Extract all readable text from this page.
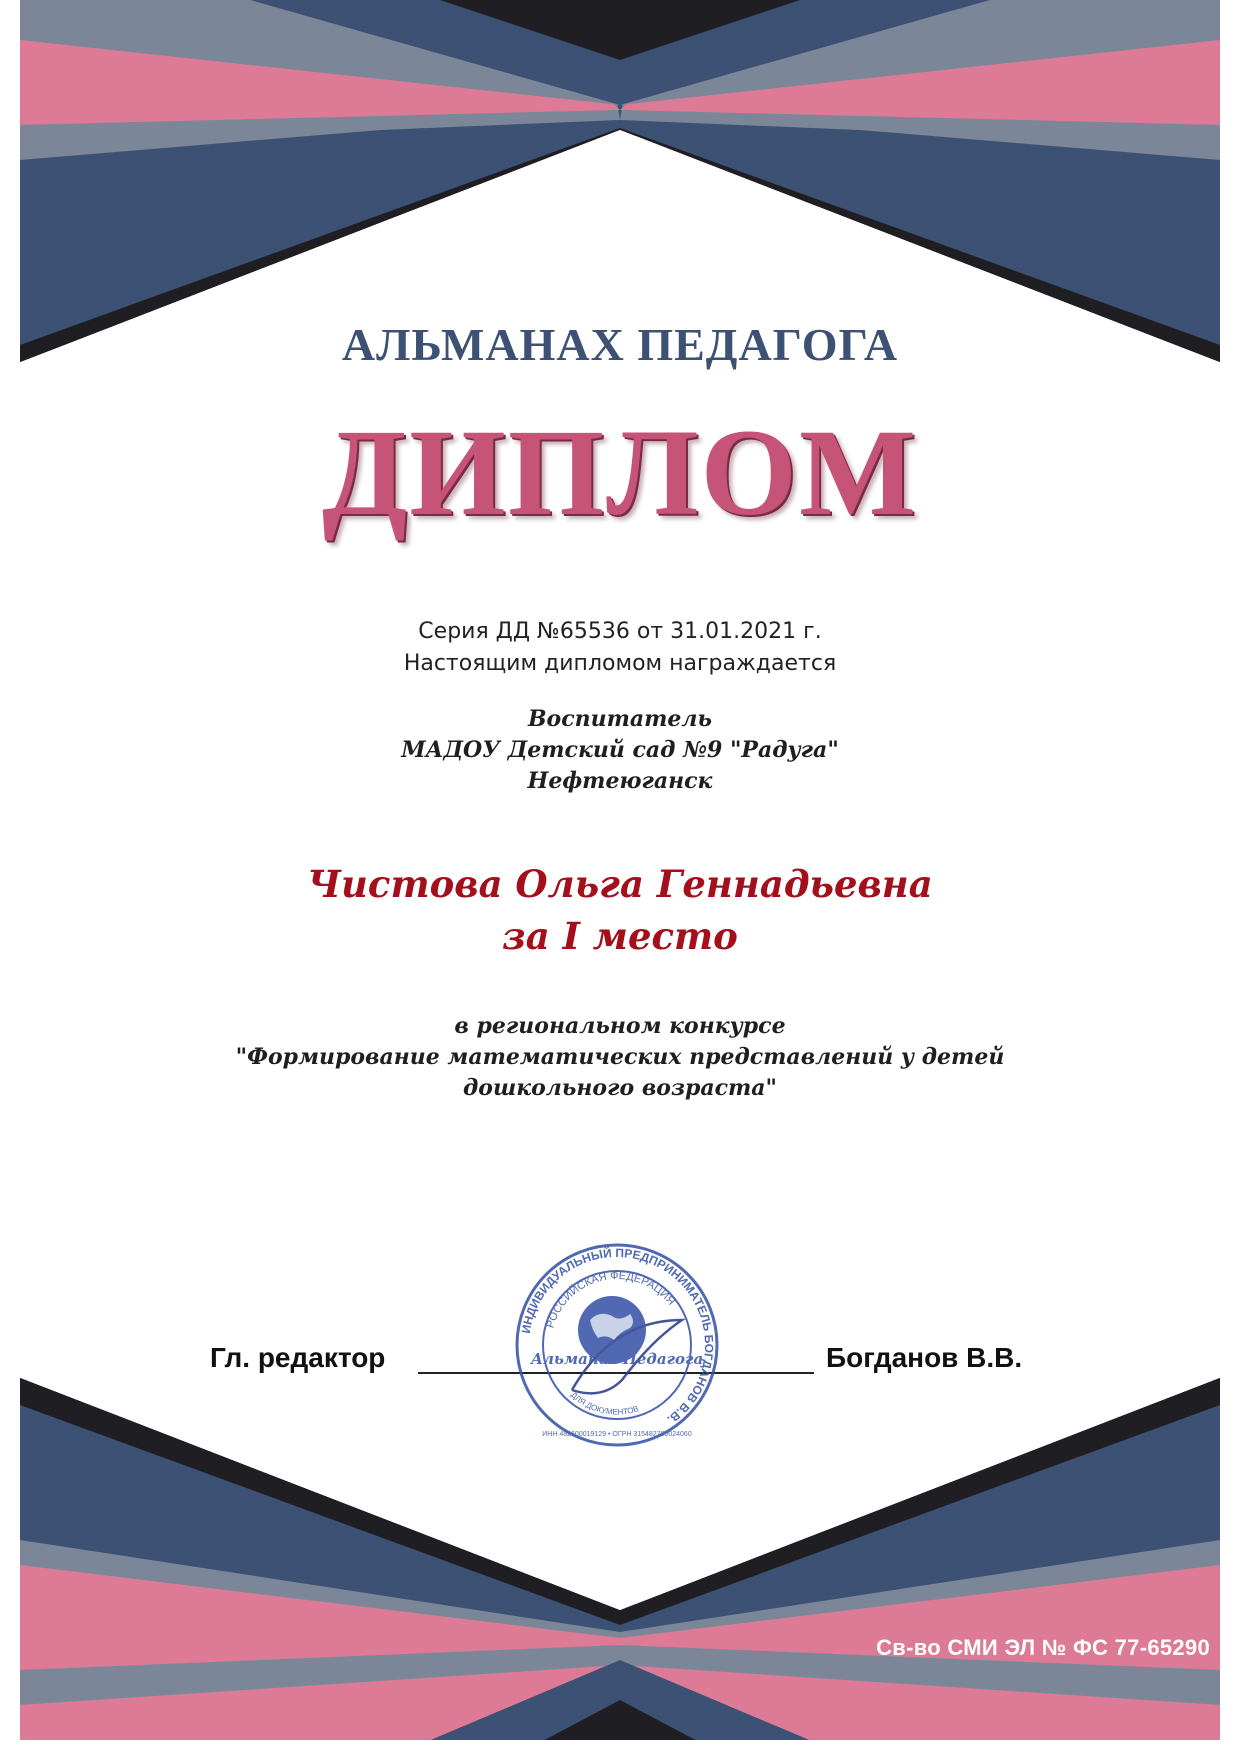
АЛЬМАНАХ ПЕДАГОГА
ДИПЛОМ
Серия ДД №65536 от 31.01.2021 г.
Настоящим дипломом награждается
Воспитатель
МАДОУ Детский сад №9 "Радуга"
Нефтеюганск
Чистова Ольга Геннадьевна
за I место
в региональном конкурсе
"Формирование математических представлений у детей
дошкольного возраста"
Гл. редактор	Богданов В.В.
ИНДИВИДУАЛЬНЫЙ ПРЕДПРИНИМАТЕЛЬ БОГДАНОВ В.В.
РОССИЙСКАЯ ФЕДЕРАЦИЯ
ДЛЯ ДОКУМЕНТОВ
Альманах Педагога
ИНН 482600019129 • ОГРН 315482700024060
Св-во СМИ ЭЛ № ФС 77-65290
